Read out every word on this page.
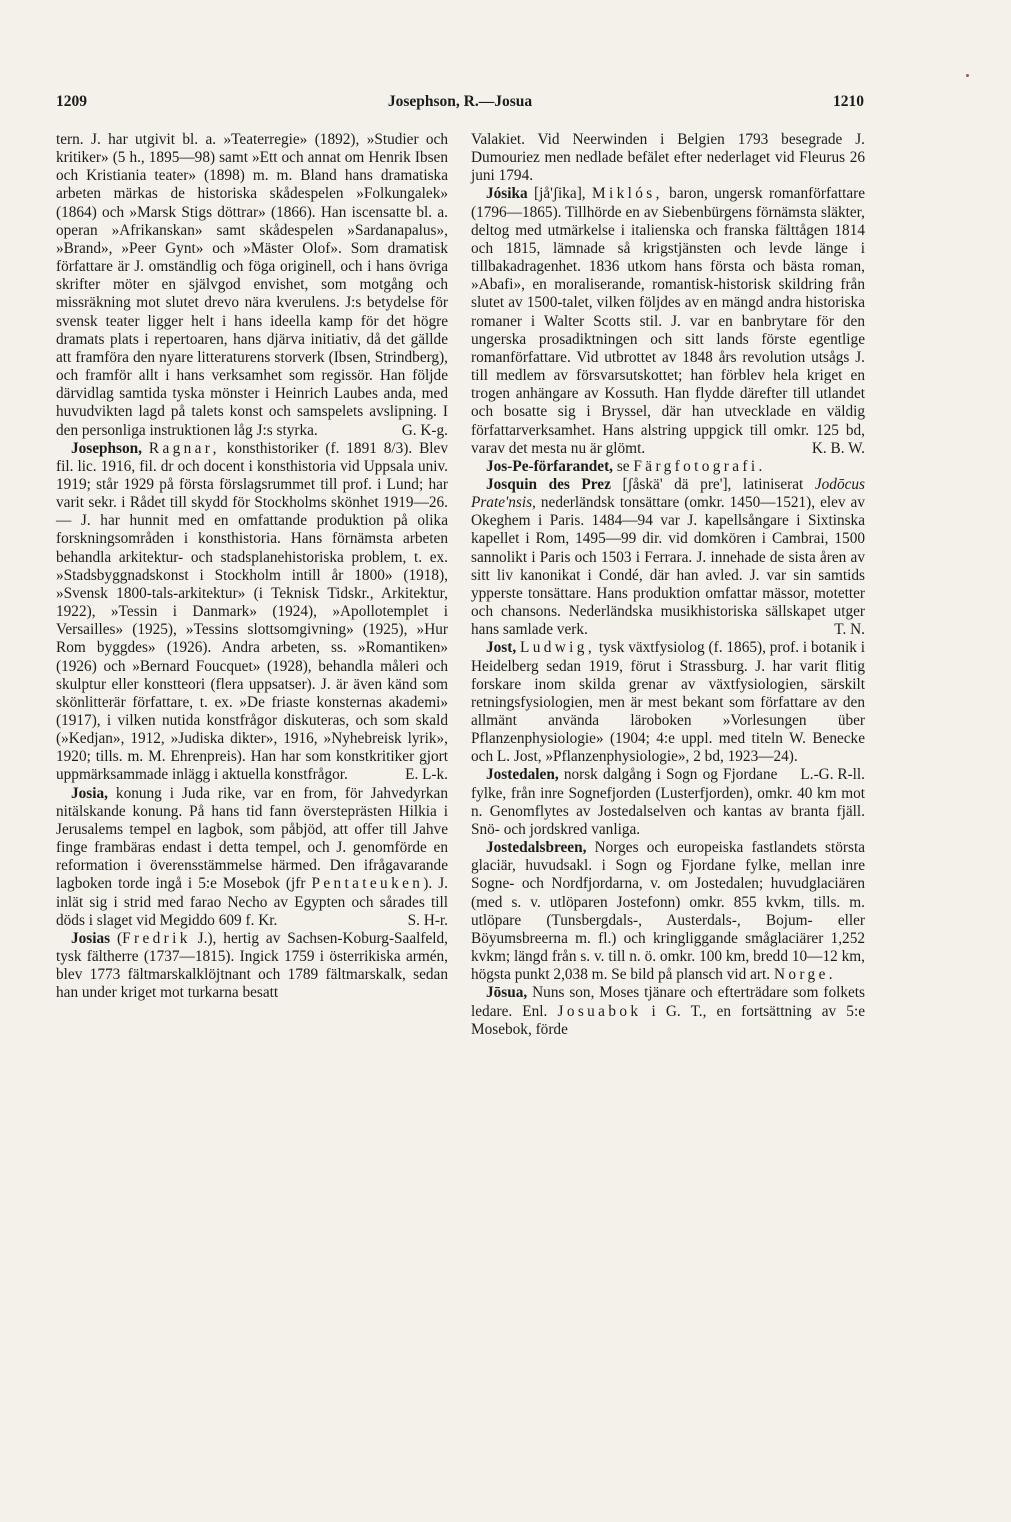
1209	Josephson, R.—Josua	1210

tern. J. har utgivit bl. a. »Teaterregie» (1892), »Studier och kritiker» (5 h., 1895—98) samt »Ett och annat om Henrik Ibsen och Kristiania teater» (1898) m. m. Bland hans dramatiska arbeten märkas de historiska skådespelen »Folkungalek» (1864) och »Marsk Stigs döttrar» (1866). Han iscensatte bl. a. operan »Afrikanskan» samt skådespelen »Sardanapalus», »Brand», »Peer Gynt» och »Mäster Olof». Som dramatisk författare är J. omständlig och föga originell, och i hans övriga skrifter möter en självgod envishet, som motgång och missräkning mot slutet drevo nära kverulens. J:s betydelse för svensk teater ligger helt i hans ideella kamp för det högre dramats plats i repertoaren, hans djärva initiativ, då det gällde att framföra den nyare litteraturens storverk (Ibsen, Strindberg), och framför allt i hans verksamhet som regissör. Han följde därvidlag samtida tyska mönster i Heinrich Laubes anda, med huvudvikten lagd på talets konst och samspelets avslipning. I den personliga instruktionen låg J:s styrka.	G. K-g.

Josephson, Ragnar, konsthistoriker (f. 1891 8/3). Blev fil. lic. 1916, fil. dr och docent i konsthistoria vid Uppsala univ. 1919; står 1929 på första förslagsrummet till prof. i Lund; har varit sekr. i Rådet till skydd för Stockholms skönhet 1919—26. — J. har hunnit med en omfattande produktion på olika forskningsområden i konsthistoria. Hans förnämsta arbeten behandla arkitektur- och stadsplanehistoriska problem, t. ex. »Stadsbyggnadskonst i Stockholm intill år 1800» (1918), »Svensk 1800-tals-arkitektur» (i Teknisk Tidskr., Arkitektur, 1922), »Tessin i Danmark» (1924), »Apollotemplet i Versailles» (1925), »Tessins slottsomgivning» (1925), »Hur Rom byggdes» (1926). Andra arbeten, ss. »Romantiken» (1926) och »Bernard Foucquet» (1928), behandla måleri och skulptur eller konstteori (flera uppsatser). J. är även känd som skönlitterär författare, t. ex. »De friaste konsternas akademi» (1917), i vilken nutida konstfrågor diskuteras, och som skald (»Kedjan», 1912, »Judiska dikter», 1916, »Nyhebreisk lyrik», 1920; tills. m. M. Ehrenpreis). Han har som konstkritiker gjort uppmärksammade inlägg i aktuella konstfrågor.	E. L-k.

Josia, konung i Juda rike, var en from, för Jahvedyrkan nitälskande konung. På hans tid fann översteprästen Hilkia i Jerusalems tempel en lagbok, som påbjöd, att offer till Jahve finge frambäras endast i detta tempel, och J. genomförde en reformation i överensstämmelse härmed. Den ifrågavarande lagboken torde ingå i 5:e Mosebok (jfr Pentateuken). J. inlät sig i strid med farao Necho av Egypten och sårades till döds i slaget vid Megiddo 609 f. Kr.	S. H-r.

Josias (Fredrik J.), hertig av Sachsen-Koburg-Saalfeld, tysk fältherre (1737—1815). Ingick 1759 i österrikiska armén, blev 1773 fältmarskalklöjtnant och 1789 fältmarskalk, sedan han under kriget mot turkarna besatt

Valakiet. Vid Neerwinden i Belgien 1793 besegrade J. Dumouriez men nedlade befälet efter nederlaget vid Fleurus 26 juni 1794.

Jósika [jå'ʃika], Miklós, baron, ungersk romanförfattare (1796—1865). Tillhörde en av Siebenbürgens förnämsta släkter, deltog med utmärkelse i italienska och franska fälttågen 1814 och 1815, lämnade så krigstjänsten och levde länge i tillbakadragenhet. 1836 utkom hans första och bästa roman, »Abafi», en moraliserande, romantisk-historisk skildring från slutet av 1500-talet, vilken följdes av en mängd andra historiska romaner i Walter Scotts stil. J. var en banbrytare för den ungerska prosadiktningen och sitt lands förste egentlige romanförfattare. Vid utbrottet av 1848 års revolution utsågs J. till medlem av försvarsutskottet; han förblev hela kriget en trogen anhängare av Kossuth. Han flydde därefter till utlandet och bosatte sig i Bryssel, där han utvecklade en väldig författarverksamhet. Hans alstring uppgick till omkr. 125 bd, varav det mesta nu är glömt.	K. B. W.

Jos-Pe-förfarandet, se Färgfotografi.

Josquin des Prez [ʃåskä' dä pre'], latiniserat Jodōcus Prate'nsis, nederländsk tonsättare (omkr. 1450—1521), elev av Okeghem i Paris. 1484—94 var J. kapellsångare i Sixtinska kapellet i Rom, 1495—99 dir. vid domkören i Cambrai, 1500 sannolikt i Paris och 1503 i Ferrara. J. innehade de sista åren av sitt liv kanonikat i Condé, där han avled. J. var sin samtids ypperste tonsättare. Hans produktion omfattar mässor, motetter och chansons. Nederländska musikhistoriska sällskapet utger hans samlade verk.	T. N.

Jost, Ludwig, tysk växtfysiolog (f. 1865), prof. i botanik i Heidelberg sedan 1919, förut i Strassburg. J. har varit flitig forskare inom skilda grenar av växtfysiologien, särskilt retningsfysiologien, men är mest bekant som författare av den allmänt använda läroboken »Vorlesungen über Pflanzenphysiologie» (1904; 4:e uppl. med titeln W. Benecke och L. Jost, »Pflanzenphysiologie», 2 bd, 1923—24).
L.-G. R-ll.

Jostedalen, norsk dalgång i Sogn og Fjordane fylke, från inre Sognefjorden (Lusterfjorden), omkr. 40 km mot n. Genomflytes av Jostedalselven och kantas av branta fjäll. Snö- och jordskred vanliga.

Jostedalsbreen, Norges och europeiska fastlandets största glaciär, huvudsakl. i Sogn og Fjordane fylke, mellan inre Sogne- och Nordfjordarna, v. om Jostedalen; huvudglaciären (med s. v. utlöparen Jostefonn) omkr. 855 kvkm, tills. m. utlöpare (Tunsbergdals-, Austerdals-, Bojum- eller Böyumsbreerna m. fl.) och kringliggande småglaciärer 1,252 kvkm; längd från s. v. till n. ö. omkr. 100 km, bredd 10—12 km, högsta punkt 2,038 m. Se bild på plansch vid art. Norge.

Jōsua, Nuns son, Moses tjänare och efterträdare som folkets ledare. Enl. Josuabok i G. T., en fortsättning av 5:e Mosebok, förde
